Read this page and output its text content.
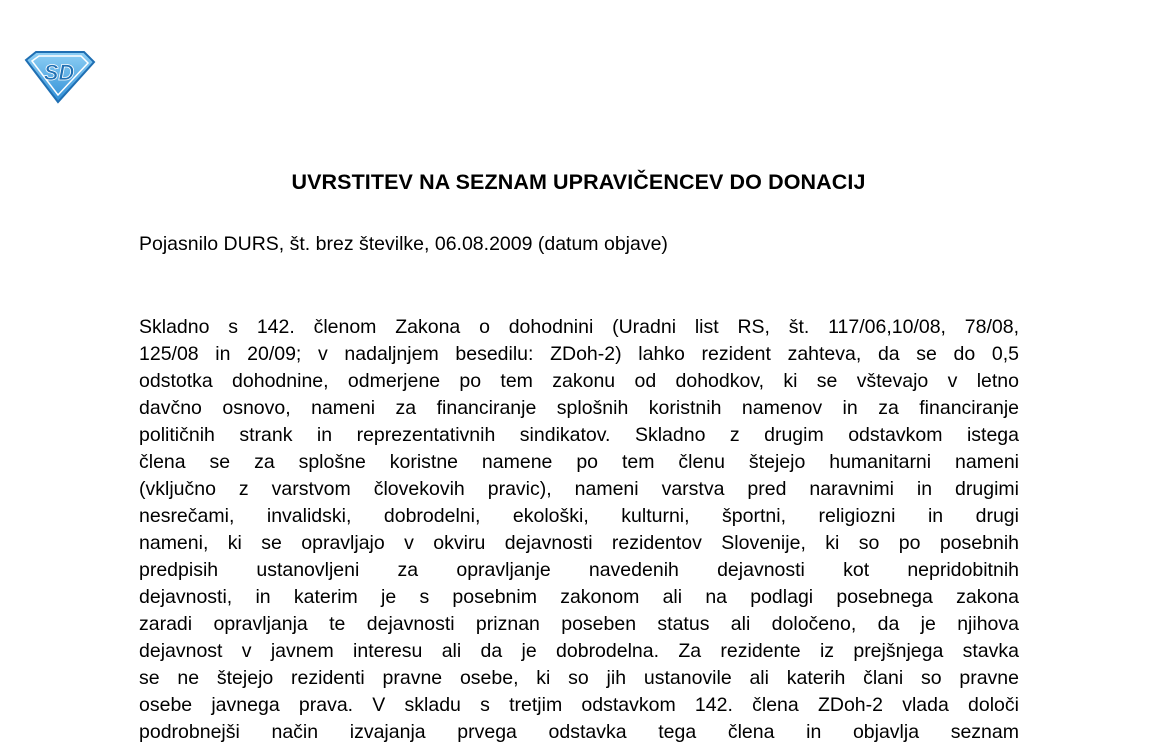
SD
UVRSTITEV NA SEZNAM UPRAVIČENCEV DO DONACIJ
Pojasnilo DURS, št. brez številke, 06.08.2009 (datum objave)
Skladno s 142. členom Zakona o dohodnini (Uradni list RS, št. 117/06,10/08, 78/08,
125/08 in 20/09; v nadaljnjem besedilu: ZDoh-2) lahko rezident zahteva, da se do 0,5
odstotka dohodnine, odmerjene po tem zakonu od dohodkov, ki se vštevajo v letno
davčno osnovo, nameni za financiranje splošnih koristnih namenov in za financiranje
političnih strank in reprezentativnih sindikatov. Skladno z drugim odstavkom istega
člena se za splošne koristne namene po tem členu štejejo humanitarni nameni
(vključno z varstvom človekovih pravic), nameni varstva pred naravnimi in drugimi
nesrečami, invalidski, dobrodelni, ekološki, kulturni, športni, religiozni in drugi
nameni, ki se opravljajo v okviru dejavnosti rezidentov Slovenije, ki so po posebnih
predpisih ustanovljeni za opravljanje navedenih dejavnosti kot nepridobitnih
dejavnosti, in katerim je s posebnim zakonom ali na podlagi posebnega zakona
zaradi opravljanja te dejavnosti priznan poseben status ali določeno, da je njihova
dejavnost v javnem interesu ali da je dobrodelna. Za rezidente iz prejšnjega stavka
se ne štejejo rezidenti pravne osebe, ki so jih ustanovile ali katerih člani so pravne
osebe javnega prava. V skladu s tretjim odstavkom 142. člena ZDoh-2 vlada določi
podrobnejši način izvajanja prvega odstavka tega člena in objavlja seznam
